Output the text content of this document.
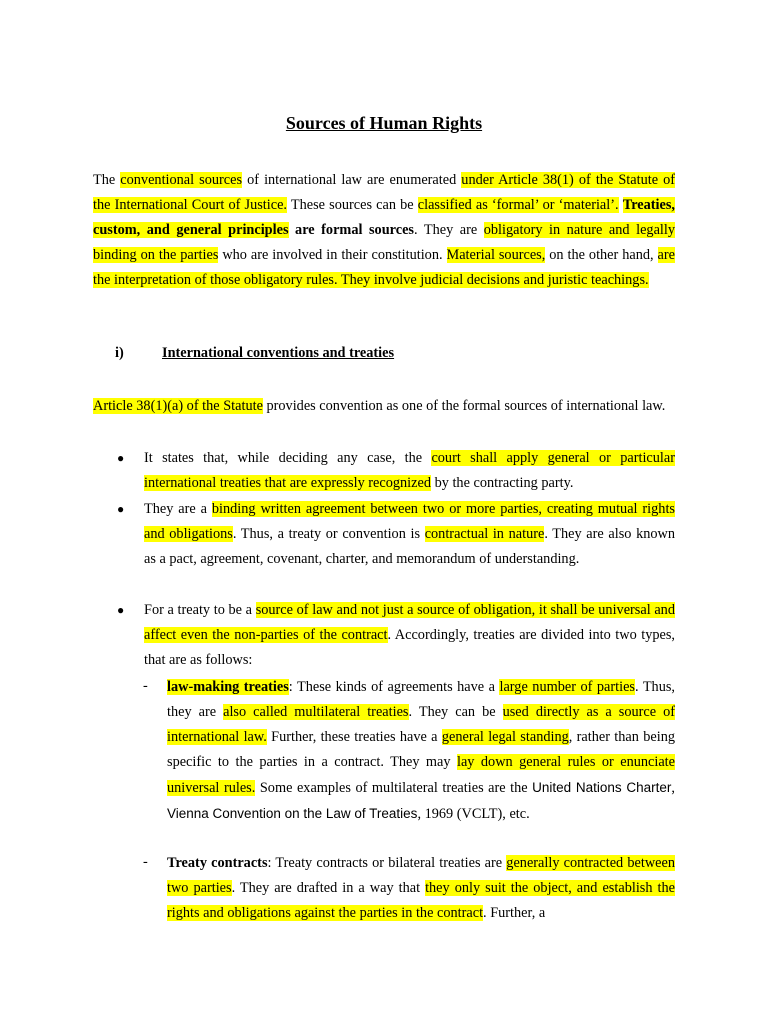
Sources of Human Rights

The conventional sources of international law are enumerated under Article 38(1) of the Statute of the International Court of Justice. These sources can be classified as ‘formal’ or ‘material’. Treaties, custom, and general principles are formal sources. They are obligatory in nature and legally binding on the parties who are involved in their constitution. Material sources, on the other hand, are the interpretation of those obligatory rules. They involve judicial decisions and juristic teachings.

i)	International conventions and treaties

Article 38(1)(a) of the Statute provides convention as one of the formal sources of international law.

● It states that, while deciding any case, the court shall apply general or particular international treaties that are expressly recognized by the contracting party.

● They are a binding written agreement between two or more parties, creating mutual rights and obligations. Thus, a treaty or convention is contractual in nature. They are also known as a pact, agreement, covenant, charter, and memorandum of understanding.

● For a treaty to be a source of law and not just a source of obligation, it shall be universal and affect even the non-parties of the contract. Accordingly, treaties are divided into two types, that are as follows:

- law-making treaties: These kinds of agreements have a large number of parties. Thus, they are also called multilateral treaties. They can be used directly as a source of international law. Further, these treaties have a general legal standing, rather than being specific to the parties in a contract. They may lay down general rules or enunciate universal rules. Some examples of multilateral treaties are the United Nations Charter, Vienna Convention on the Law of Treaties, 1969 (VCLT), etc.

- Treaty contracts: Treaty contracts or bilateral treaties are generally contracted between two parties. They are drafted in a way that they only suit the object, and establish the rights and obligations against the parties in the contract. Further, a
